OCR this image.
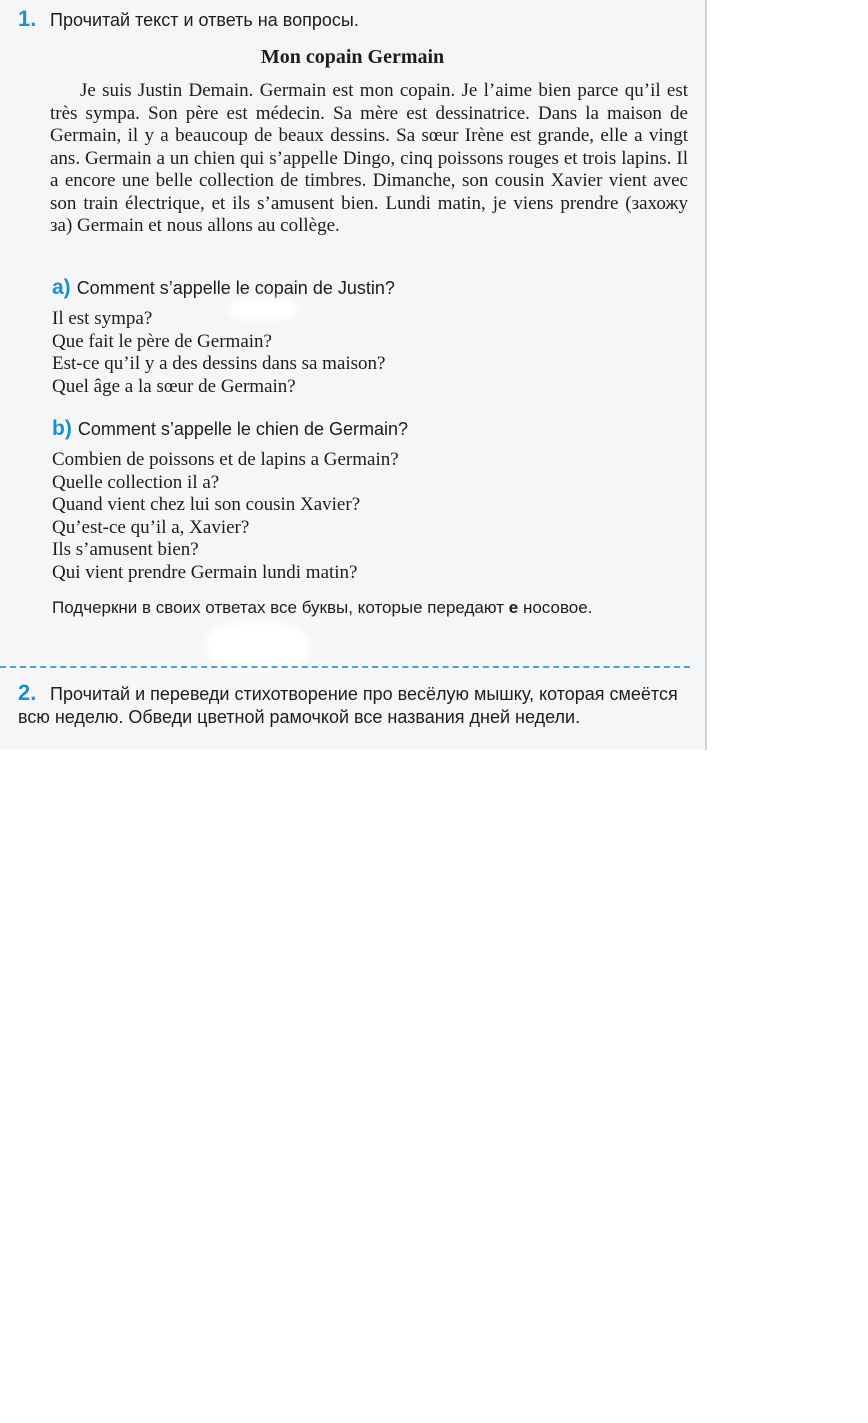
1. Прочитай текст и ответь на вопросы.
Mon copain Germain

Je suis Justin Demain. Germain est mon copain. Je l’aime bien parce qu’il est très sympa. Son père est médecin. Sa mère est dessinatrice. Dans la maison de Germain, il y a beaucoup de beaux dessins. Sa sœur Irène est grande, elle a vingt ans. Germain a un chien qui s’appelle Dingo, cinq poissons rouges et trois lapins. Il a encore une belle collection de timbres. Dimanche, son cousin Xavier vient avec son train électrique, et ils s’amusent bien. Lundi matin, je viens prendre (захожу за) Germain et nous allons au collège.

a) Comment s’appelle le copain de Justin?
Il est sympa?
Que fait le père de Germain?
Est-ce qu’il y a des dessins dans sa maison?
Quel âge a la sœur de Germain?
b) Comment s’appelle le chien de Germain?
Combien de poissons et de lapins a Germain?
Quelle collection il a?
Quand vient chez lui son cousin Xavier?
Qu’est-ce qu’il a, Xavier?
Ils s’amusent bien?
Qui vient prendre Germain lundi matin?

Подчеркни в своих ответах все буквы, которые передают e носовое.

2. Прочитай и переведи стихотворение про весёлую мышку, которая смеётся всю неделю. Обведи цветной рамочкой все названия дней недели.
